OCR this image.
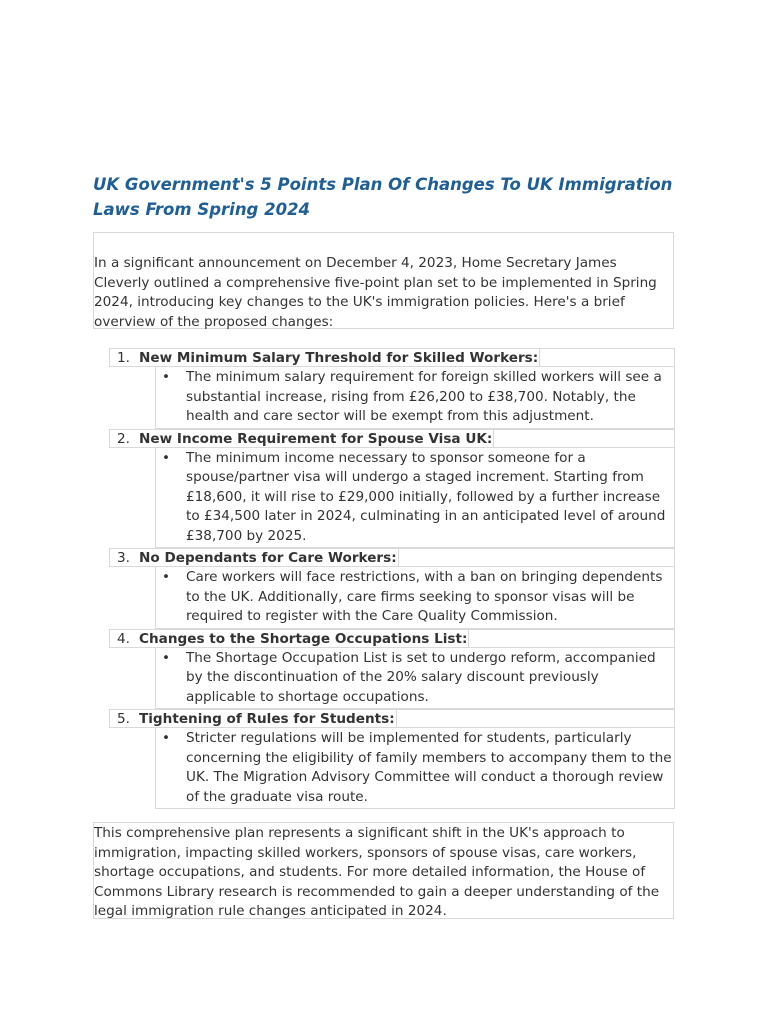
UK Government's 5 Points Plan Of Changes To UK Immigration Laws From Spring 2024

In a significant announcement on December 4, 2023, Home Secretary James Cleverly outlined a comprehensive five-point plan set to be implemented in Spring 2024, introducing key changes to the UK's immigration policies. Here's a brief overview of the proposed changes:

1. New Minimum Salary Threshold for Skilled Workers:
• The minimum salary requirement for foreign skilled workers will see a substantial increase, rising from £26,200 to £38,700. Notably, the health and care sector will be exempt from this adjustment.
2. New Income Requirement for Spouse Visa UK:
• The minimum income necessary to sponsor someone for a spouse/partner visa will undergo a staged increment. Starting from £18,600, it will rise to £29,000 initially, followed by a further increase to £34,500 later in 2024, culminating in an anticipated level of around £38,700 by 2025.
3. No Dependants for Care Workers:
• Care workers will face restrictions, with a ban on bringing dependents to the UK. Additionally, care firms seeking to sponsor visas will be required to register with the Care Quality Commission.
4. Changes to the Shortage Occupations List:
• The Shortage Occupation List is set to undergo reform, accompanied by the discontinuation of the 20% salary discount previously applicable to shortage occupations.
5. Tightening of Rules for Students:
• Stricter regulations will be implemented for students, particularly concerning the eligibility of family members to accompany them to the UK. The Migration Advisory Committee will conduct a thorough review of the graduate visa route.

This comprehensive plan represents a significant shift in the UK's approach to immigration, impacting skilled workers, sponsors of spouse visas, care workers, shortage occupations, and students. For more detailed information, the House of Commons Library research is recommended to gain a deeper understanding of the legal immigration rule changes anticipated in 2024.
